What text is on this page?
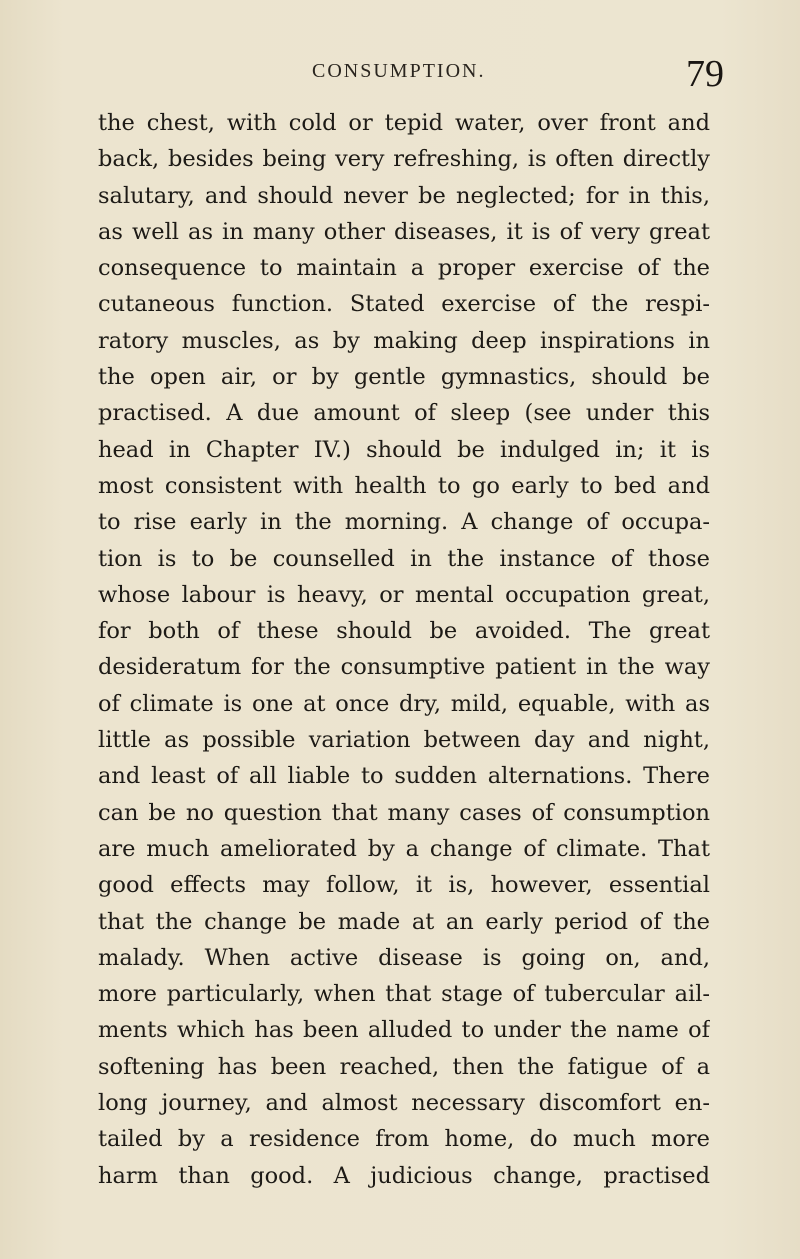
CONSUMPTION.	79
the chest, with cold or tepid water, over front and
back, besides being very refreshing, is often directly
salutary, and should never be neglected; for in this,
as well as in many other diseases, it is of very great
consequence to maintain a proper exercise of the
cutaneous function. Stated exercise of the respi-
ratory muscles, as by making deep inspirations in
the open air, or by gentle gymnastics, should be
practised. A due amount of sleep (see under this
head in Chapter IV.) should be indulged in; it is
most consistent with health to go early to bed and
to rise early in the morning. A change of occupa-
tion is to be counselled in the instance of those
whose labour is heavy, or mental occupation great,
for both of these should be avoided. The great
desideratum for the consumptive patient in the way
of climate is one at once dry, mild, equable, with as
little as possible variation between day and night,
and least of all liable to sudden alternations. There
can be no question that many cases of consumption
are much ameliorated by a change of climate. That
good effects may follow, it is, however, essential
that the change be made at an early period of the
malady. When active disease is going on, and,
more particularly, when that stage of tubercular ail-
ments which has been alluded to under the name of
softening has been reached, then the fatigue of a
long journey, and almost necessary discomfort en-
tailed by a residence from home, do much more
harm than good. A judicious change, practised
